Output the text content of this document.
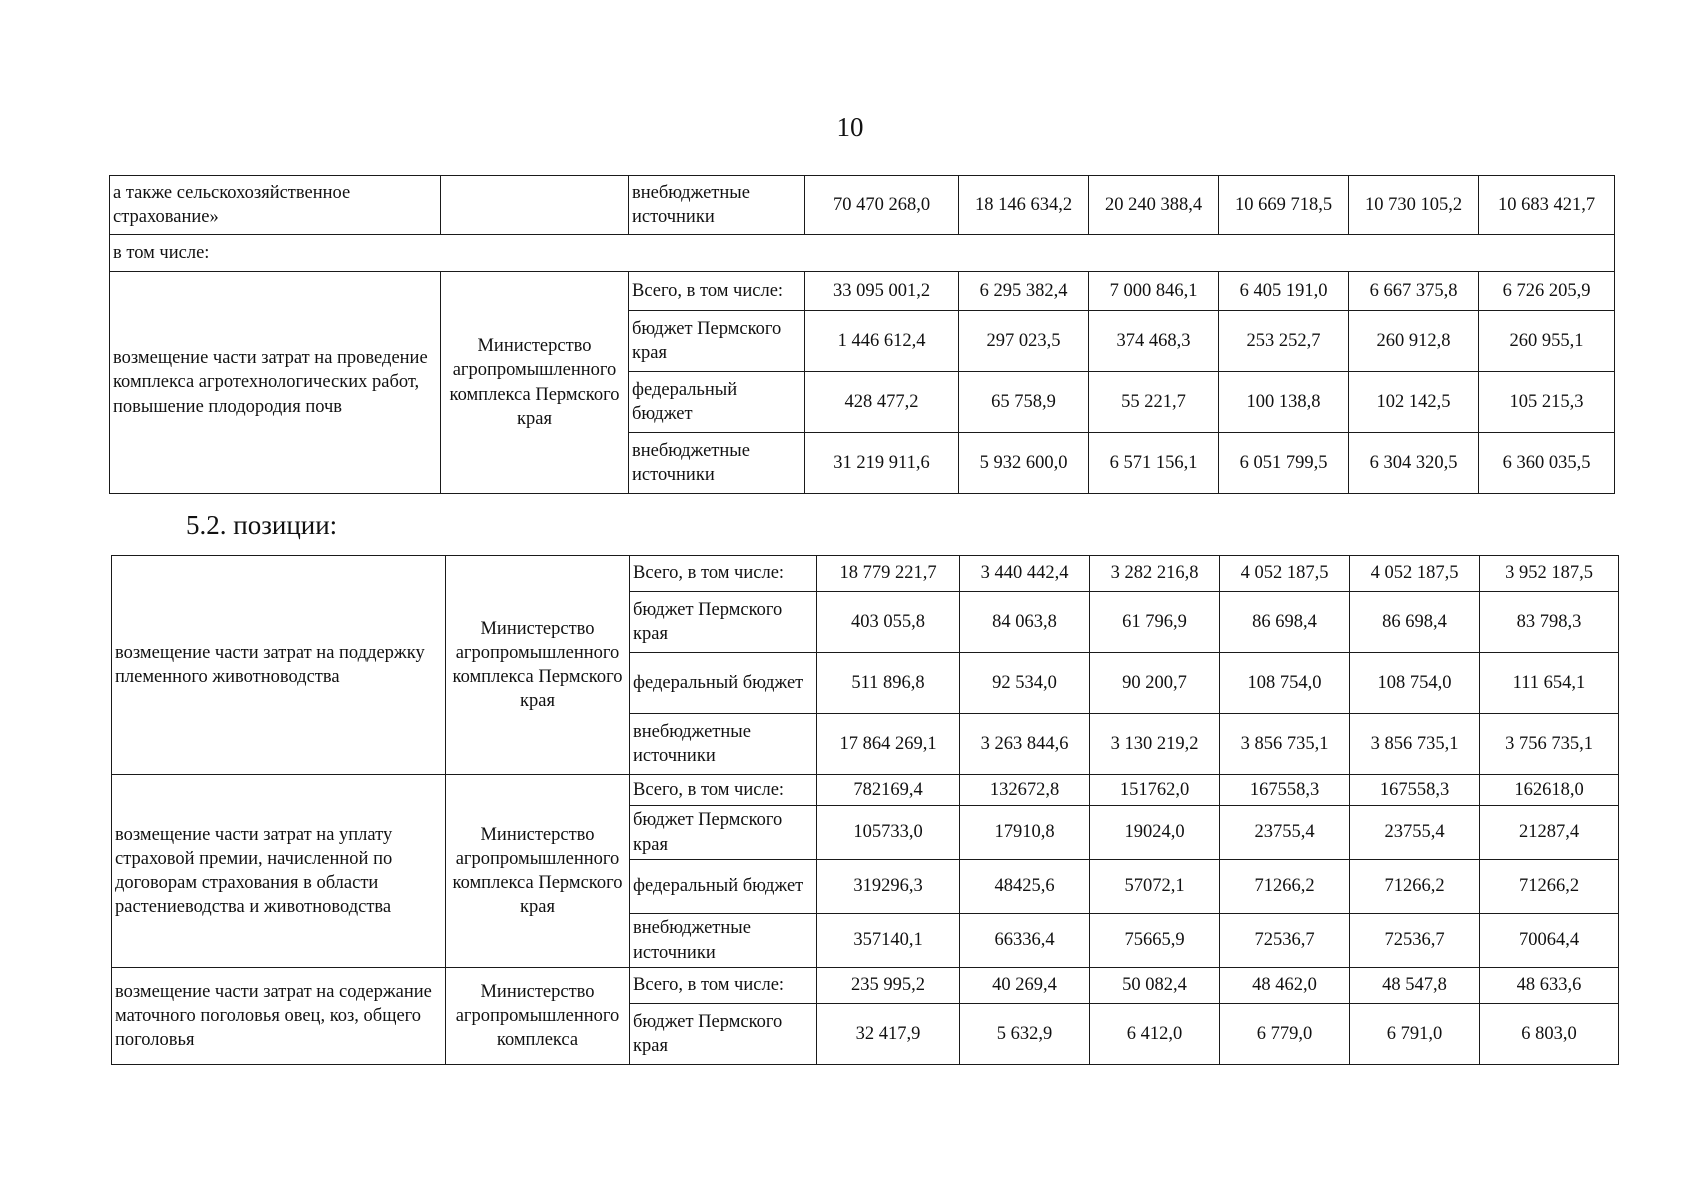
10
а также сельскохозяйственное страхование»		внебюджетные источники	70 470 268,0	18 146 634,2	20 240 388,4	10 669 718,5	10 730 105,2	10 683 421,7
в том числе:								
возмещение части затрат на проведение комплекса агротехнологических работ, повышение плодородия почв	Министерство агропромышленного комплекса Пермского края	Всего, в том числе:	33 095 001,2	6 295 382,4	7 000 846,1	6 405 191,0	6 667 375,8	6 726 205,9
		бюджет Пермского края	1 446 612,4	297 023,5	374 468,3	253 252,7	260 912,8	260 955,1
		федеральный бюджет	428 477,2	65 758,9	55 221,7	100 138,8	102 142,5	105 215,3
		внебюджетные источники	31 219 911,6	5 932 600,0	6 571 156,1	6 051 799,5	6 304 320,5	6 360 035,5
5.2. позиции:
возмещение части затрат на поддержку племенного животноводства	Министерство агропромышленного комплекса Пермского края	Всего, в том числе:	18 779 221,7	3 440 442,4	3 282 216,8	4 052 187,5	4 052 187,5	3 952 187,5
		бюджет Пермского края	403 055,8	84 063,8	61 796,9	86 698,4	86 698,4	83 798,3
		федеральный бюджет	511 896,8	92 534,0	90 200,7	108 754,0	108 754,0	111 654,1
		внебюджетные источники	17 864 269,1	3 263 844,6	3 130 219,2	3 856 735,1	3 856 735,1	3 756 735,1
возмещение части затрат на уплату страховой премии, начисленной по договорам страхования в области растениеводства и животноводства	Министерство агропромышленного комплекса Пермского края	Всего, в том числе:	782169,4	132672,8	151762,0	167558,3	167558,3	162618,0
		бюджет Пермского края	105733,0	17910,8	19024,0	23755,4	23755,4	21287,4
		федеральный бюджет	319296,3	48425,6	57072,1	71266,2	71266,2	71266,2
		внебюджетные источники	357140,1	66336,4	75665,9	72536,7	72536,7	70064,4
возмещение части затрат на содержание маточного поголовья овец, коз, общего поголовья	Министерство агропромышленного комплекса	Всего, в том числе:	235 995,2	40 269,4	50 082,4	48 462,0	48 547,8	48 633,6
		бюджет Пермского края	32 417,9	5 632,9	6 412,0	6 779,0	6 791,0	6 803,0
